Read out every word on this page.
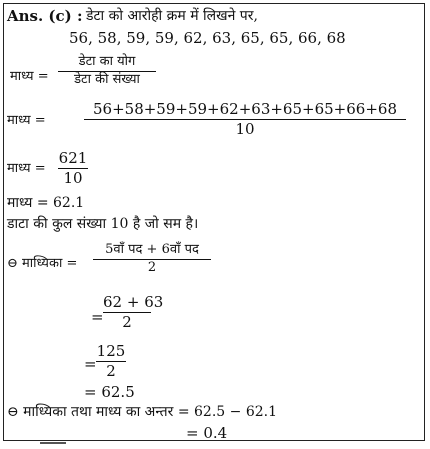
Ans. (c) : डेटा को आरोही क्रम में लिखने पर,
56, 58, 59, 59, 62, 63, 65, 65, 66, 68
माध्य =
डेटा का योग
डेटा की संख्या
माध्य =
56+58+59+59+62+63+65+65+66+68
10
माध्य =
621
10
माध्य = 62.1
डाटा की कुल संख्या 10 है जो सम है।
⊖ माध्यिका =
5वाँ पद + 6वाँ पद
2
=
62 + 63
2
=
125
2
= 62.5
⊖ माध्यिका तथा माध्य का अन्तर = 62.5 − 62.1
= 0.4
